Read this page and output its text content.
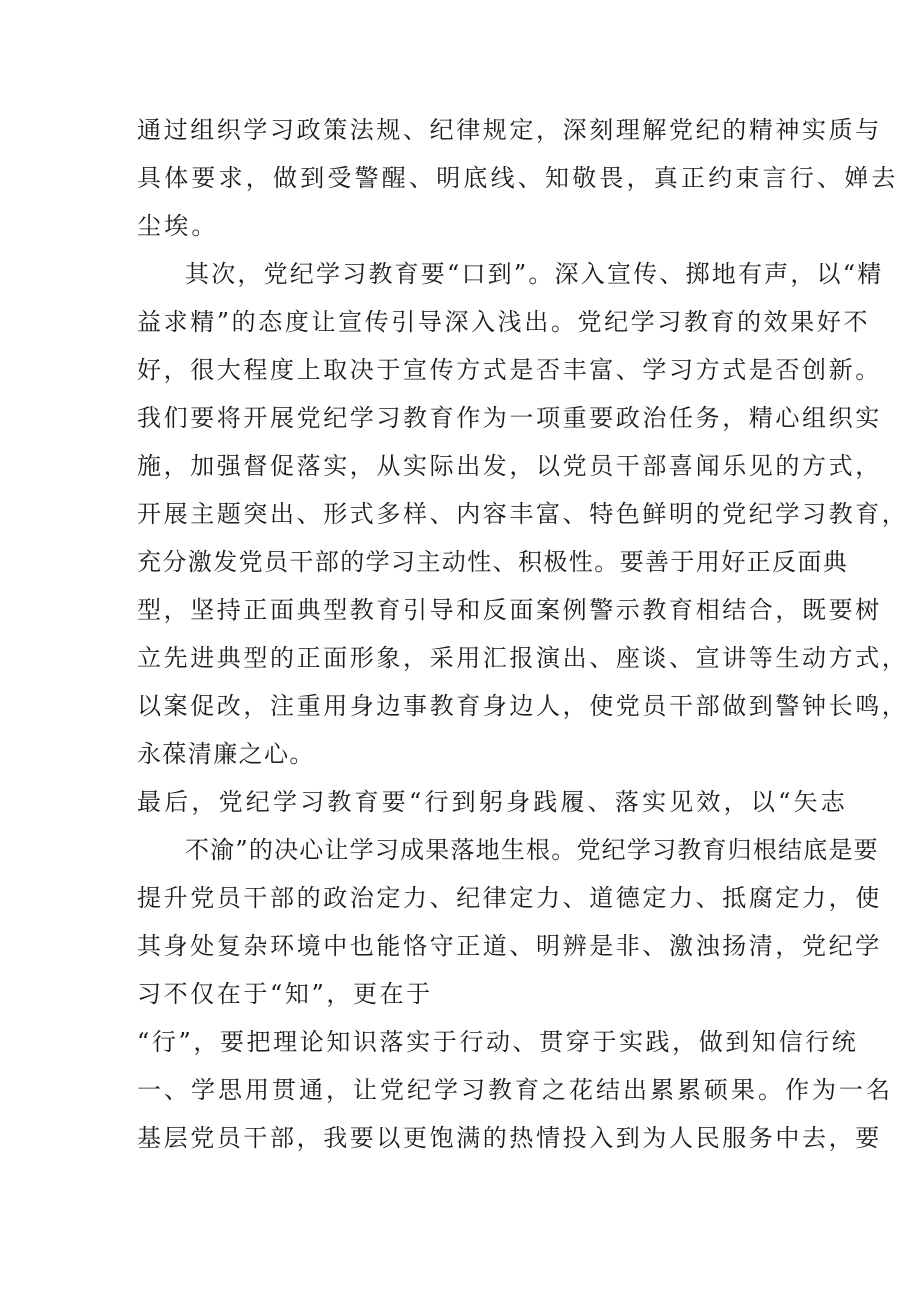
通过组织学习政策法规、纪律规定，深刻理解党纪的精神实质与

具体要求，做到受警醒、明底线、知敬畏，真正约束言行、婵去

尘埃。

其次，党纪学习教育要“口到”。深入宣传、掷地有声，以“精

益求精”的态度让宣传引导深入浅出。党纪学习教育的效果好不

好，很大程度上取决于宣传方式是否丰富、学习方式是否创新。

我们要将开展党纪学习教育作为一项重要政治任务，精心组织实

施，加强督促落实，从实际出发，以党员干部喜闻乐见的方式，

开展主题突出、形式多样、内容丰富、特色鲜明的党纪学习教育，

充分激发党员干部的学习主动性、积极性。要善于用好正反面典

型，坚持正面典型教育引导和反面案例警示教育相结合，既要树

立先进典型的正面形象，采用汇报演出、座谈、宣讲等生动方式，

以案促改，注重用身边事教育身边人，使党员干部做到警钟长鸣，

永葆清廉之心。

最后，党纪学习教育要“行到躬身践履、落实见效，以“矢志

不渝”的决心让学习成果落地生根。党纪学习教育归根结底是要

提升党员干部的政治定力、纪律定力、道德定力、抵腐定力，使

其身处复杂环境中也能恪守正道、明辨是非、激浊扬清，党纪学

习不仅在于“知”，更在于

“行”，要把理论知识落实于行动、贯穿于实践，做到知信行统

一、学思用贯通，让党纪学习教育之花结出累累硕果。作为一名

基层党员干部，我要以更饱满的热情投入到为人民服务中去，要
